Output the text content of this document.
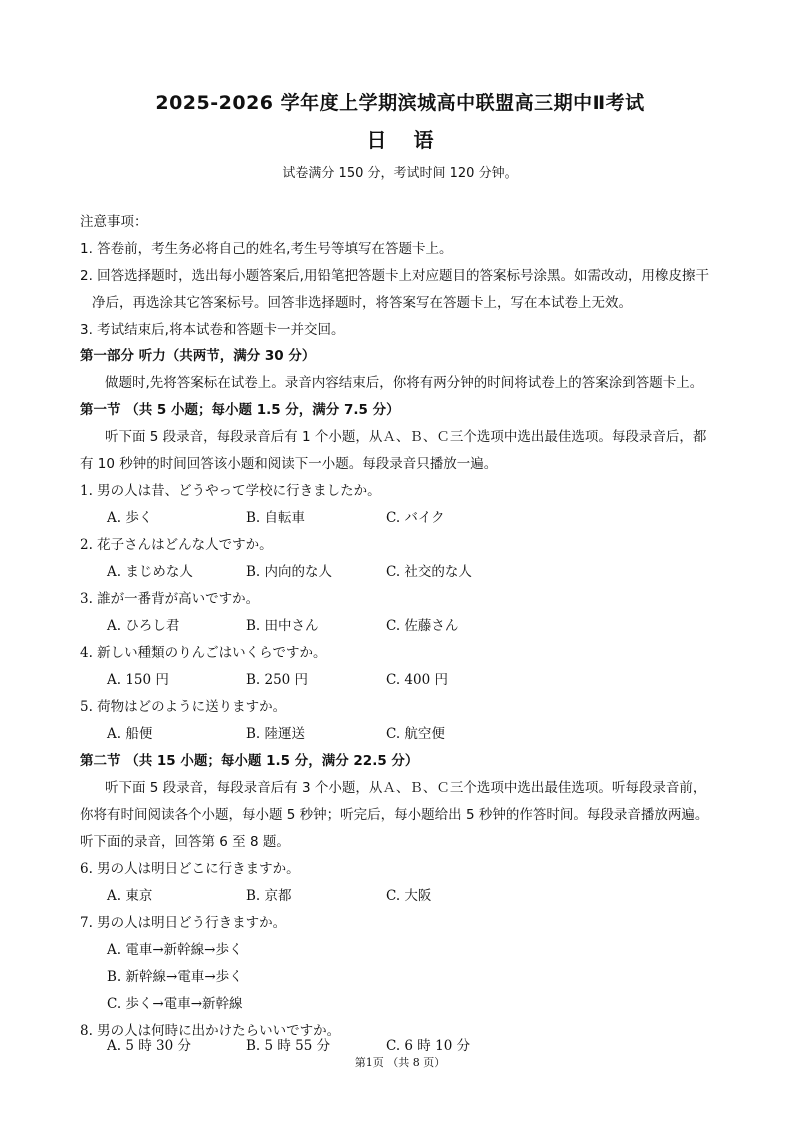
2025-2026 学年度上学期滨城高中联盟高三期中Ⅱ考试
日 语
试卷满分 150 分，考试时间 120 分钟。
注意事项：
1. 答卷前，考生务必将自己的姓名,考生号等填写在答题卡上。
2. 回答选择题时，选出每小题答案后,用铅笔把答题卡上对应题目的答案标号涂黑。如需改动，用橡皮擦干
净后，再选涂其它答案标号。回答非选择题时，将答案写在答题卡上，写在本试卷上无效。
3. 考试结束后,将本试卷和答题卡一并交回。
第一部分 听力（共两节，满分 30 分）
做题时,先将答案标在试卷上。录音内容结束后，你将有两分钟的时间将试卷上的答案涂到答题卡上。
第一节 （共 5 小题；每小题 1.5 分，满分 7.5 分）
听下面 5 段录音，每段录音后有 1 个小题，从Ａ、Ｂ、Ｃ三个选项中选出最佳选项。每段录音后，都
有 10 秒钟的时间回答该小题和阅读下一小题。每段录音只播放一遍。
1. 男の人は昔、どうやって学校に行きましたか。
A. 歩く	B. 自転車	C. バイク
2. 花子さんはどんな人ですか。
A. まじめな人	B. 内向的な人	C. 社交的な人
3. 誰が一番背が高いですか。
A. ひろし君	B. 田中さん	C. 佐藤さん
4. 新しい種類のりんごはいくらですか。
A. 150 円	B. 250 円	C. 400 円
5. 荷物はどのように送りますか。
A. 船便	B. 陸運送	C. 航空便
第二节 （共 15 小题；每小题 1.5 分，满分 22.5 分）
听下面 5 段录音，每段录音后有 3 个小题，从Ａ、Ｂ、Ｃ三个选项中选出最佳选项。听每段录音前，
你将有时间阅读各个小题，每小题 5 秒钟；听完后，每小题给出 5 秒钟的作答时间。每段录音播放两遍。
听下面的录音，回答第 6 至 8 题。
6. 男の人は明日どこに行きますか。
A. 東京	B. 京都	C. 大阪
7. 男の人は明日どう行きますか。
A. 電車→新幹線→歩く
B. 新幹線→電車→歩く
C. 歩く→電車→新幹線
8. 男の人は何時に出かけたらいいですか。
A. 5 時 30 分	B. 5 時 55 分	C. 6 時 10 分
第1页 （共 8 页）
